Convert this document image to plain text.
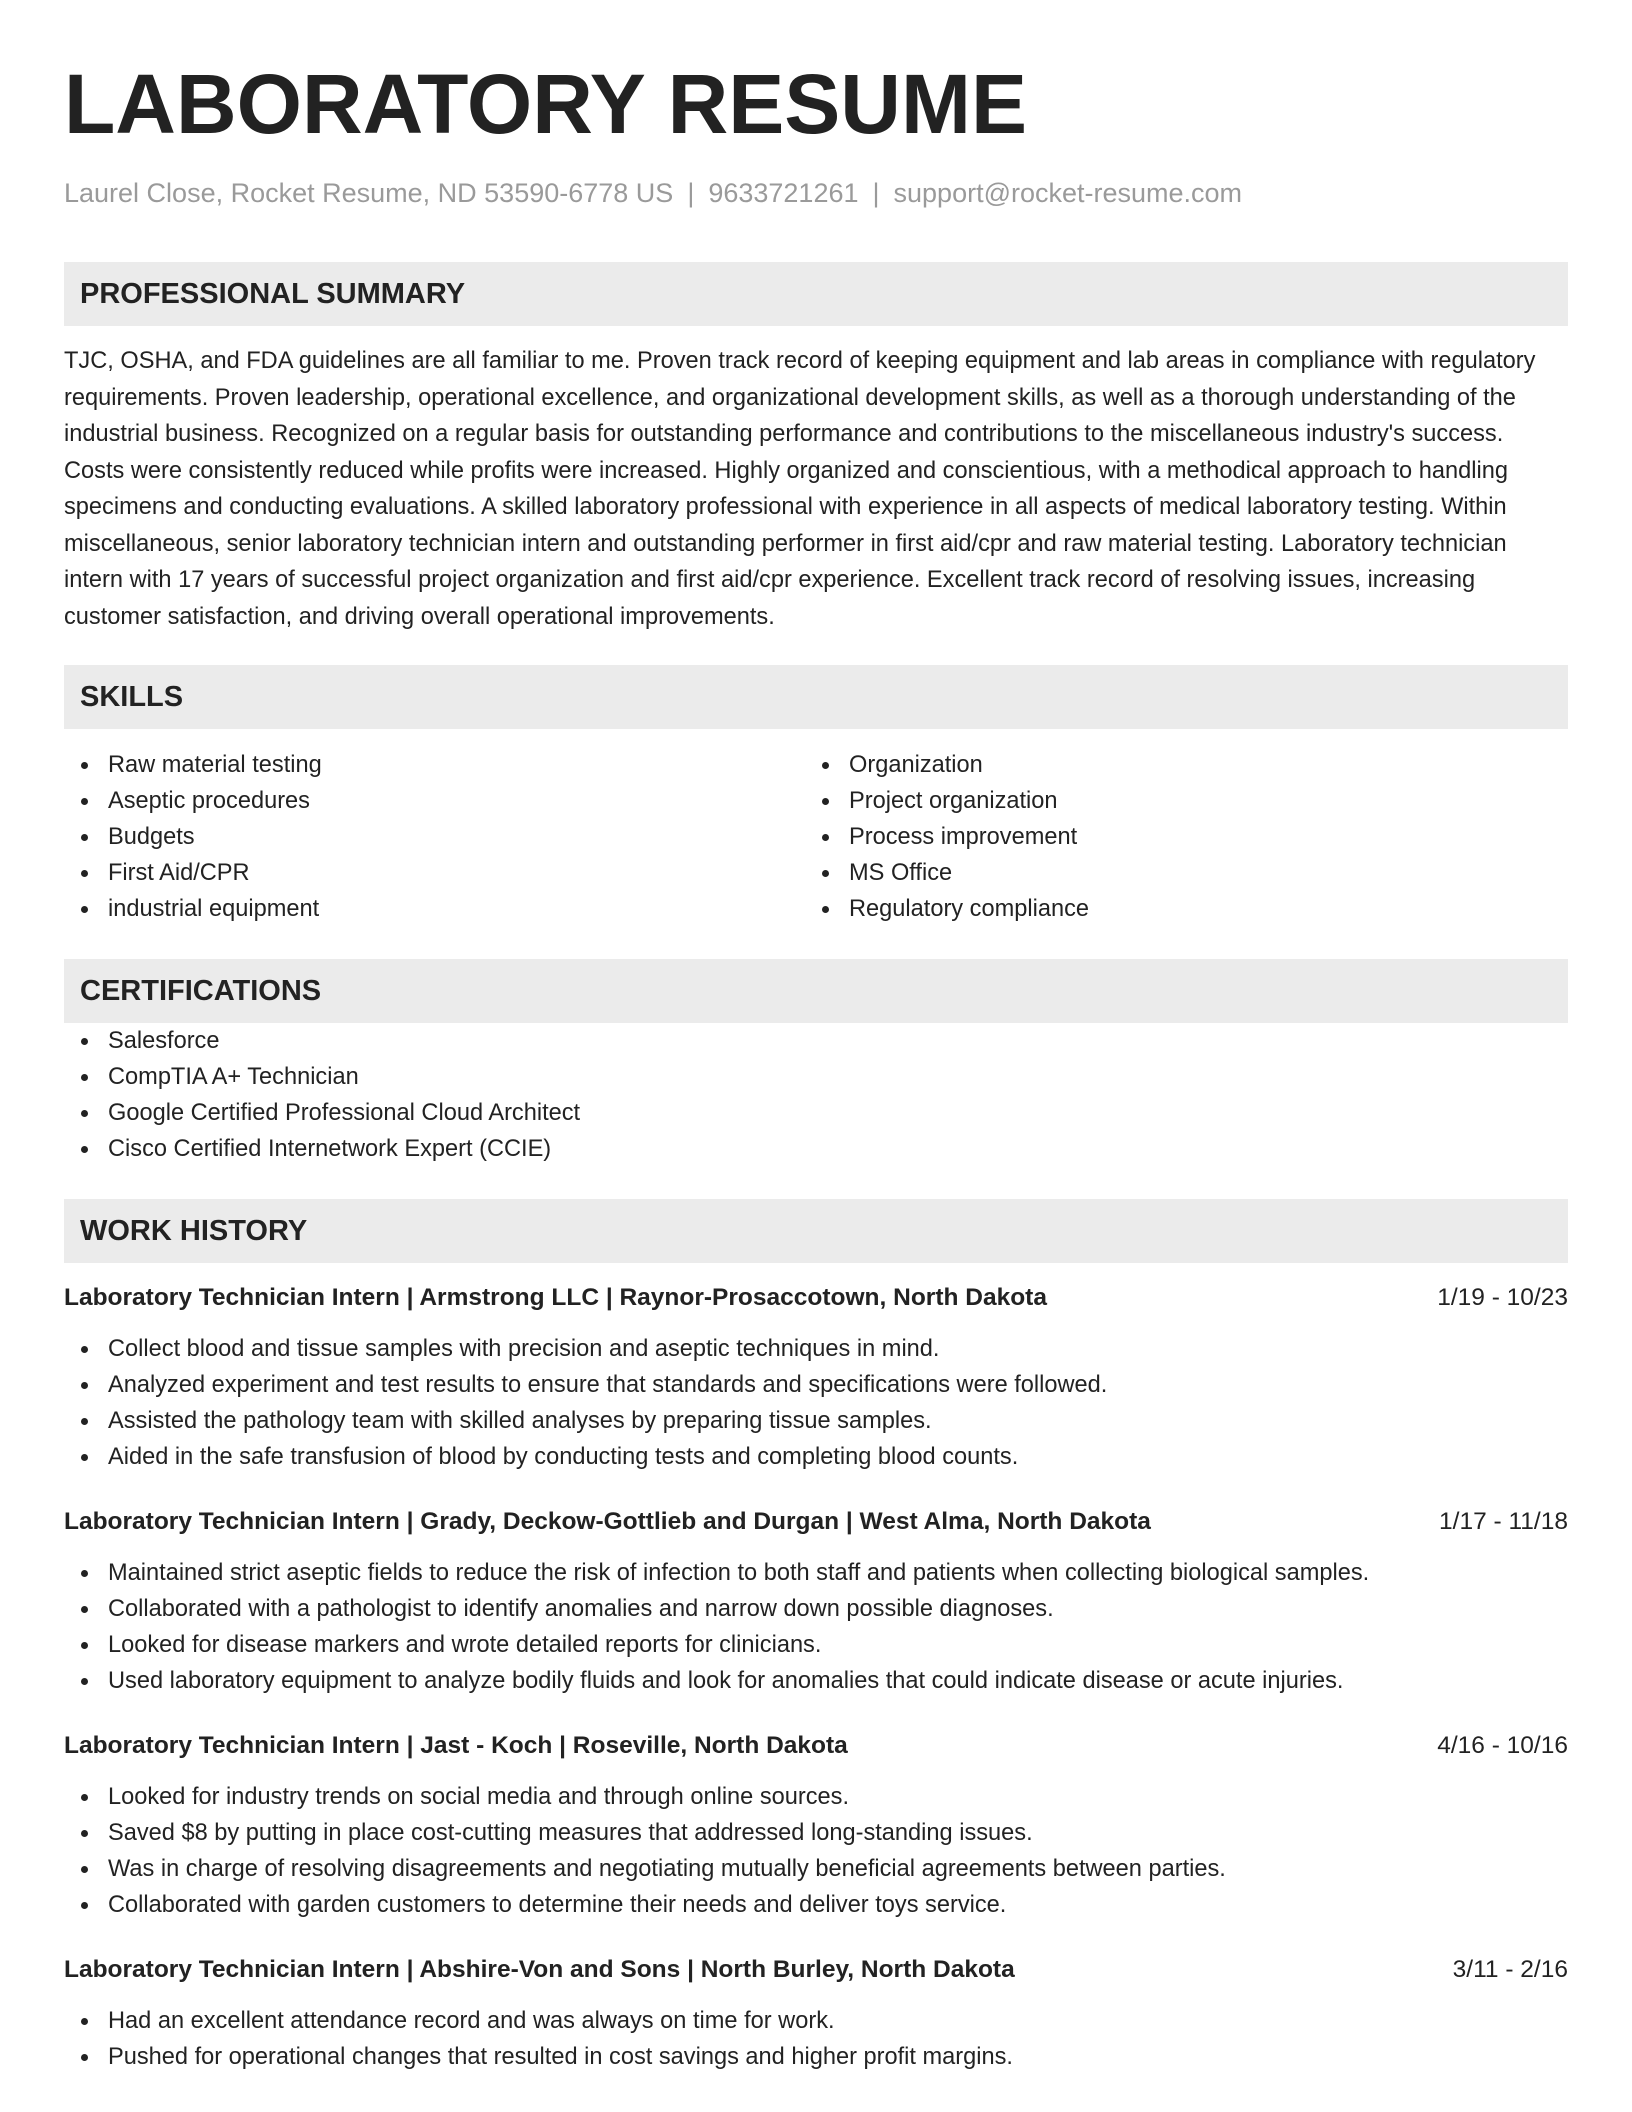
LABORATORY RESUME
Laurel Close, Rocket Resume, ND 53590-6778 US | 9633721261 | support@rocket-resume.com
PROFESSIONAL SUMMARY
TJC, OSHA, and FDA guidelines are all familiar to me. Proven track record of keeping equipment and lab areas in compliance with regulatory requirements. Proven leadership, operational excellence, and organizational development skills, as well as a thorough understanding of the industrial business. Recognized on a regular basis for outstanding performance and contributions to the miscellaneous industry's success. Costs were consistently reduced while profits were increased. Highly organized and conscientious, with a methodical approach to handling specimens and conducting evaluations. A skilled laboratory professional with experience in all aspects of medical laboratory testing. Within miscellaneous, senior laboratory technician intern and outstanding performer in first aid/cpr and raw material testing. Laboratory technician intern with 17 years of successful project organization and first aid/cpr experience. Excellent track record of resolving issues, increasing customer satisfaction, and driving overall operational improvements.
SKILLS
Raw material testing
Aseptic procedures
Budgets
First Aid/CPR
industrial equipment
Organization
Project organization
Process improvement
MS Office
Regulatory compliance
CERTIFICATIONS
Salesforce
CompTIA A+ Technician
Google Certified Professional Cloud Architect
Cisco Certified Internetwork Expert (CCIE)
WORK HISTORY
Laboratory Technician Intern | Armstrong LLC | Raynor-Prosaccotown, North Dakota	1/19 - 10/23
Collect blood and tissue samples with precision and aseptic techniques in mind.
Analyzed experiment and test results to ensure that standards and specifications were followed.
Assisted the pathology team with skilled analyses by preparing tissue samples.
Aided in the safe transfusion of blood by conducting tests and completing blood counts.
Laboratory Technician Intern | Grady, Deckow-Gottlieb and Durgan | West Alma, North Dakota	1/17 - 11/18
Maintained strict aseptic fields to reduce the risk of infection to both staff and patients when collecting biological samples.
Collaborated with a pathologist to identify anomalies and narrow down possible diagnoses.
Looked for disease markers and wrote detailed reports for clinicians.
Used laboratory equipment to analyze bodily fluids and look for anomalies that could indicate disease or acute injuries.
Laboratory Technician Intern | Jast - Koch | Roseville, North Dakota	4/16 - 10/16
Looked for industry trends on social media and through online sources.
Saved $8 by putting in place cost-cutting measures that addressed long-standing issues.
Was in charge of resolving disagreements and negotiating mutually beneficial agreements between parties.
Collaborated with garden customers to determine their needs and deliver toys service.
Laboratory Technician Intern | Abshire-Von and Sons | North Burley, North Dakota	3/11 - 2/16
Had an excellent attendance record and was always on time for work.
Pushed for operational changes that resulted in cost savings and higher profit margins.
